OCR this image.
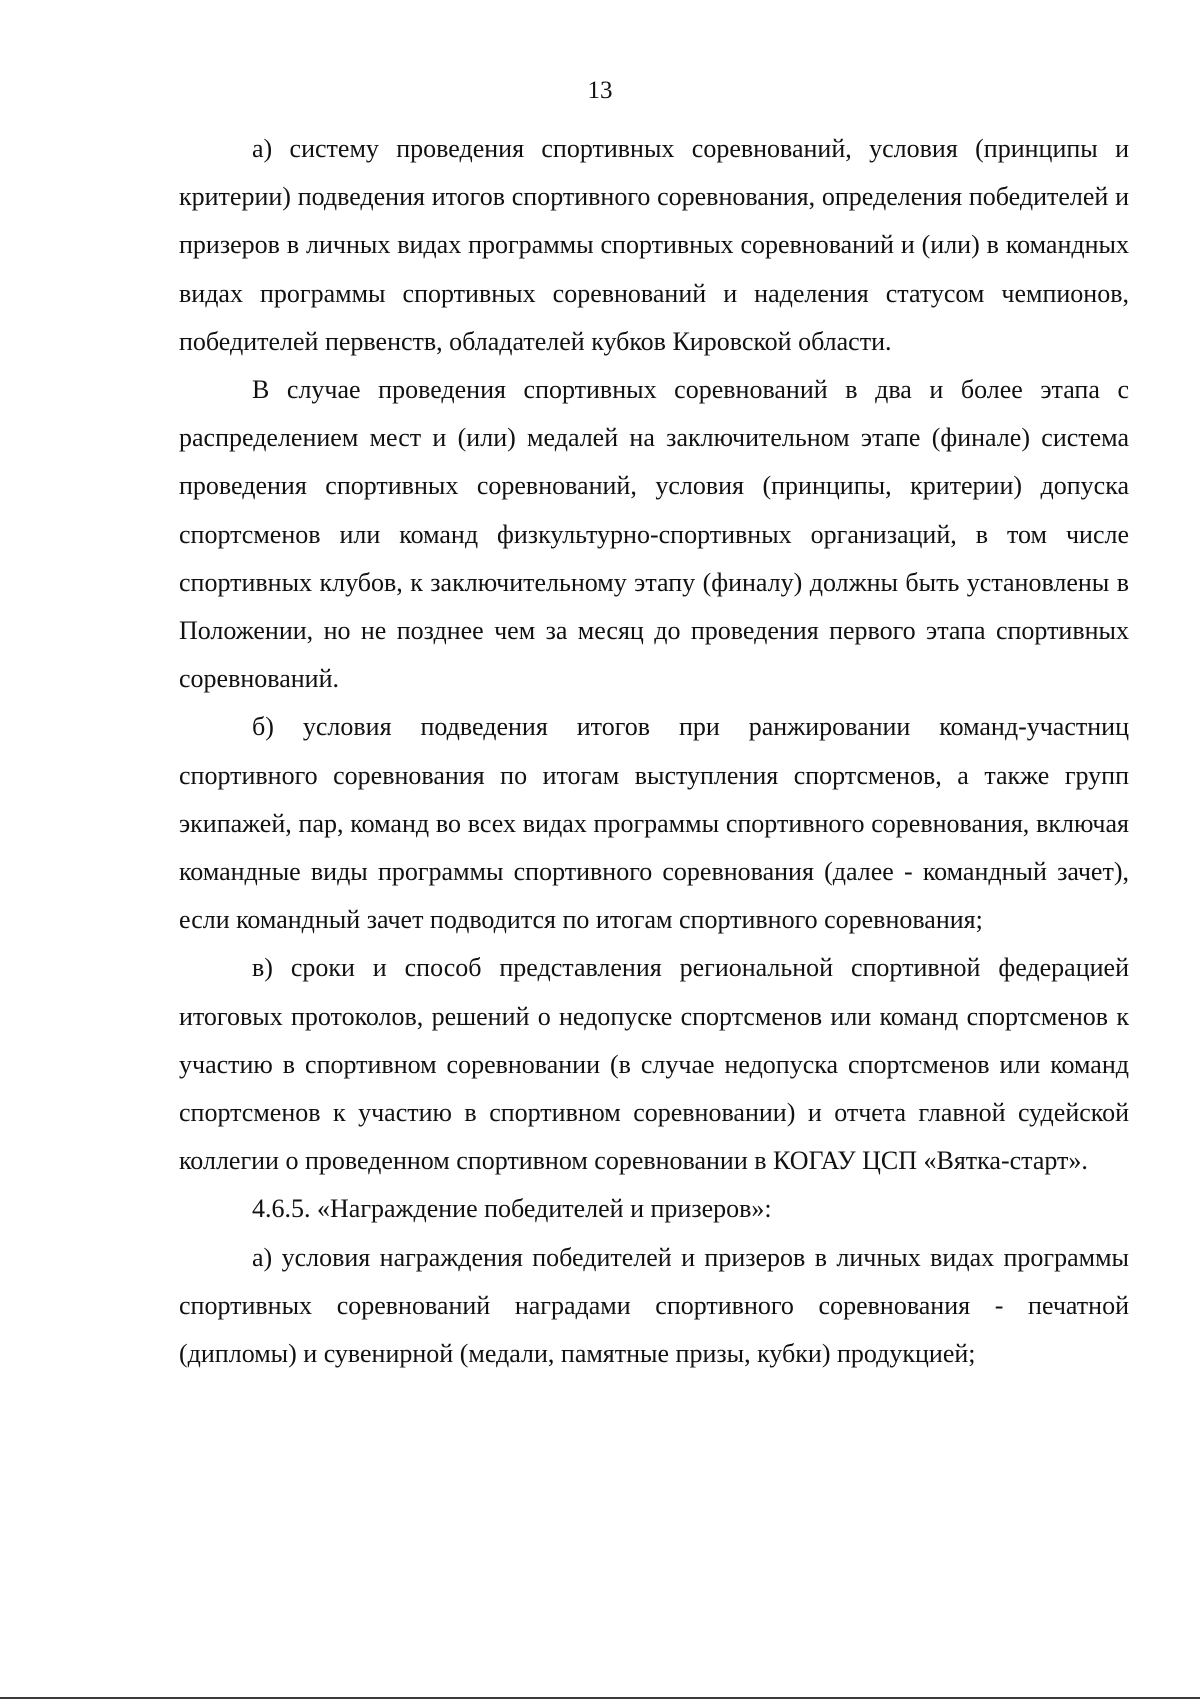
13

а) систему проведения спортивных соревнований, условия (принципы и критерии) подведения итогов спортивного соревнования, определения победителей и призеров в личных видах программы спортивных соревнований и (или) в командных видах программы спортивных соревнований и наделения статусом чемпионов, победителей первенств, обладателей кубков Кировской области.

В случае проведения спортивных соревнований в два и более этапа с распределением мест и (или) медалей на заключительном этапе (финале) система проведения спортивных соревнований, условия (принципы, критерии) допуска спортсменов или команд физкультурно-спортивных организаций, в том числе спортивных клубов, к заключительному этапу (финалу) должны быть установлены в Положении, но не позднее чем за месяц до проведения первого этапа спортивных соревнований.

б) условия подведения итогов при ранжировании команд-участниц спортивного соревнования по итогам выступления спортсменов, а также групп экипажей, пар, команд во всех видах программы спортивного соревнования, включая командные виды программы спортивного соревнования (далее - командный зачет), если командный зачет подводится по итогам спортивного соревнования;

в) сроки и способ представления региональной спортивной федерацией итоговых протоколов, решений о недопуске спортсменов или команд спортсменов к участию в спортивном соревновании (в случае недопуска спортсменов или команд спортсменов к участию в спортивном соревновании) и отчета главной судейской коллегии о проведенном спортивном соревновании в КОГАУ ЦСП «Вятка-старт».

4.6.5. «Награждение победителей и призеров»:

а) условия награждения победителей и призеров в личных видах программы спортивных соревнований наградами спортивного соревнования - печатной (дипломы) и сувенирной (медали, памятные призы, кубки) продукцией;
